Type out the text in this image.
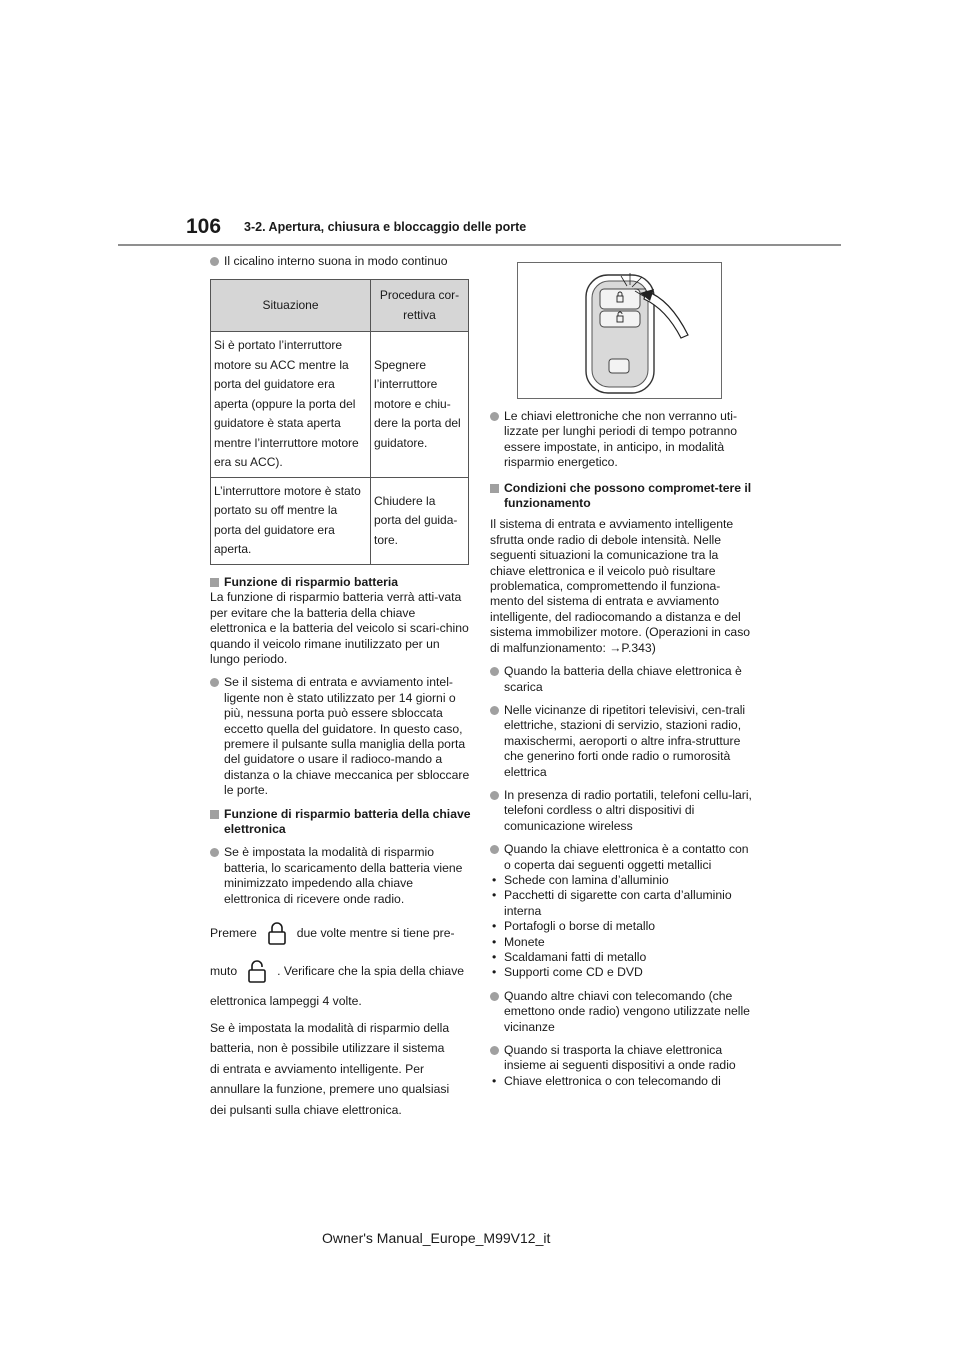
106 3-2. Apertura, chiusura e bloccaggio delle porte
Il cicalino interno suona in modo continuo
Situazione	Procedura cor-rettiva
Si è portato l’interruttore motore su ACC mentre la porta del guidatore era aperta (oppure la porta del guidatore è stata aperta mentre l’interruttore motore era su ACC).	Spegnere l’interruttore motore e chiu-dere la porta del guidatore.
L’interruttore motore è stato portato su off mentre la porta del guidatore era aperta.	Chiudere la porta del guida-tore.
Funzione di risparmio batteria

La funzione di risparmio batteria verrà atti-vata per evitare che la batteria della chiave elettronica e la batteria del veicolo si scari-chino quando il veicolo rimane inutilizzato per un lungo periodo.

Se il sistema di entrata e avviamento intel-ligente non è stato utilizzato per 14 giorni o più, nessuna porta può essere sbloccata eccetto quella del guidatore. In questo caso, premere il pulsante sulla maniglia della porta del guidatore o usare il radioco-mando a distanza o la chiave meccanica per sbloccare le porte.
Funzione di risparmio batteria della chiave elettronica
Se è impostata la modalità di risparmio batteria, lo scaricamento della batteria viene minimizzato impedendo alla chiave elettronica di ricevere onde radio.
Premere	due volte mentre si tiene pre-
muto	. Verificare che la spia della chiave
elettronica lampeggi 4 volte.
Se è impostata la modalità di risparmio della
batteria, non è possibile utilizzare il sistema
di entrata e avviamento intelligente. Per
annullare la funzione, premere uno qualsiasi
dei pulsanti sulla chiave elettronica.
Le chiavi elettroniche che non verranno uti-lizzate per lunghi periodi di tempo potranno essere impostate, in anticipo, in modalità risparmio energetico.
Condizioni che possono compromet-tere il funzionamento

Il sistema di entrata e avviamento intelligente sfrutta onde radio di debole intensità. Nelle seguenti situazioni la comunicazione tra la chiave elettronica e il veicolo può risultare problematica, compromettendo il funziona-mento del sistema di entrata e avviamento intelligente, del radiocomando a distanza e del sistema immobilizer motore. (Operazioni in caso di malfunzionamento: →P.343)

Quando la batteria della chiave elettronica è scarica
Nelle vicinanze di ripetitori televisivi, cen-trali elettriche, stazioni di servizio, stazioni radio, maxischermi, aeroporti o altre infra-strutture che generino forti onde radio o rumorosità elettrica
In presenza di radio portatili, telefoni cellu-lari, telefoni cordless o altri dispositivi di comunicazione wireless
Quando la chiave elettronica è a contatto con o coperta dai seguenti oggetti metallici
• Schede con lamina d’alluminio
• Pacchetti di sigarette con carta d’alluminio interna
• Portafogli o borse di metallo
• Monete
• Scaldamani fatti di metallo
• Supporti come CD e DVD
Quando altre chiavi con telecomando (che emettono onde radio) vengono utilizzate nelle vicinanze
Quando si trasporta la chiave elettronica insieme ai seguenti dispositivi a onde radio
• Chiave elettronica o con telecomando di
Owner's Manual_Europe_M99V12_it
